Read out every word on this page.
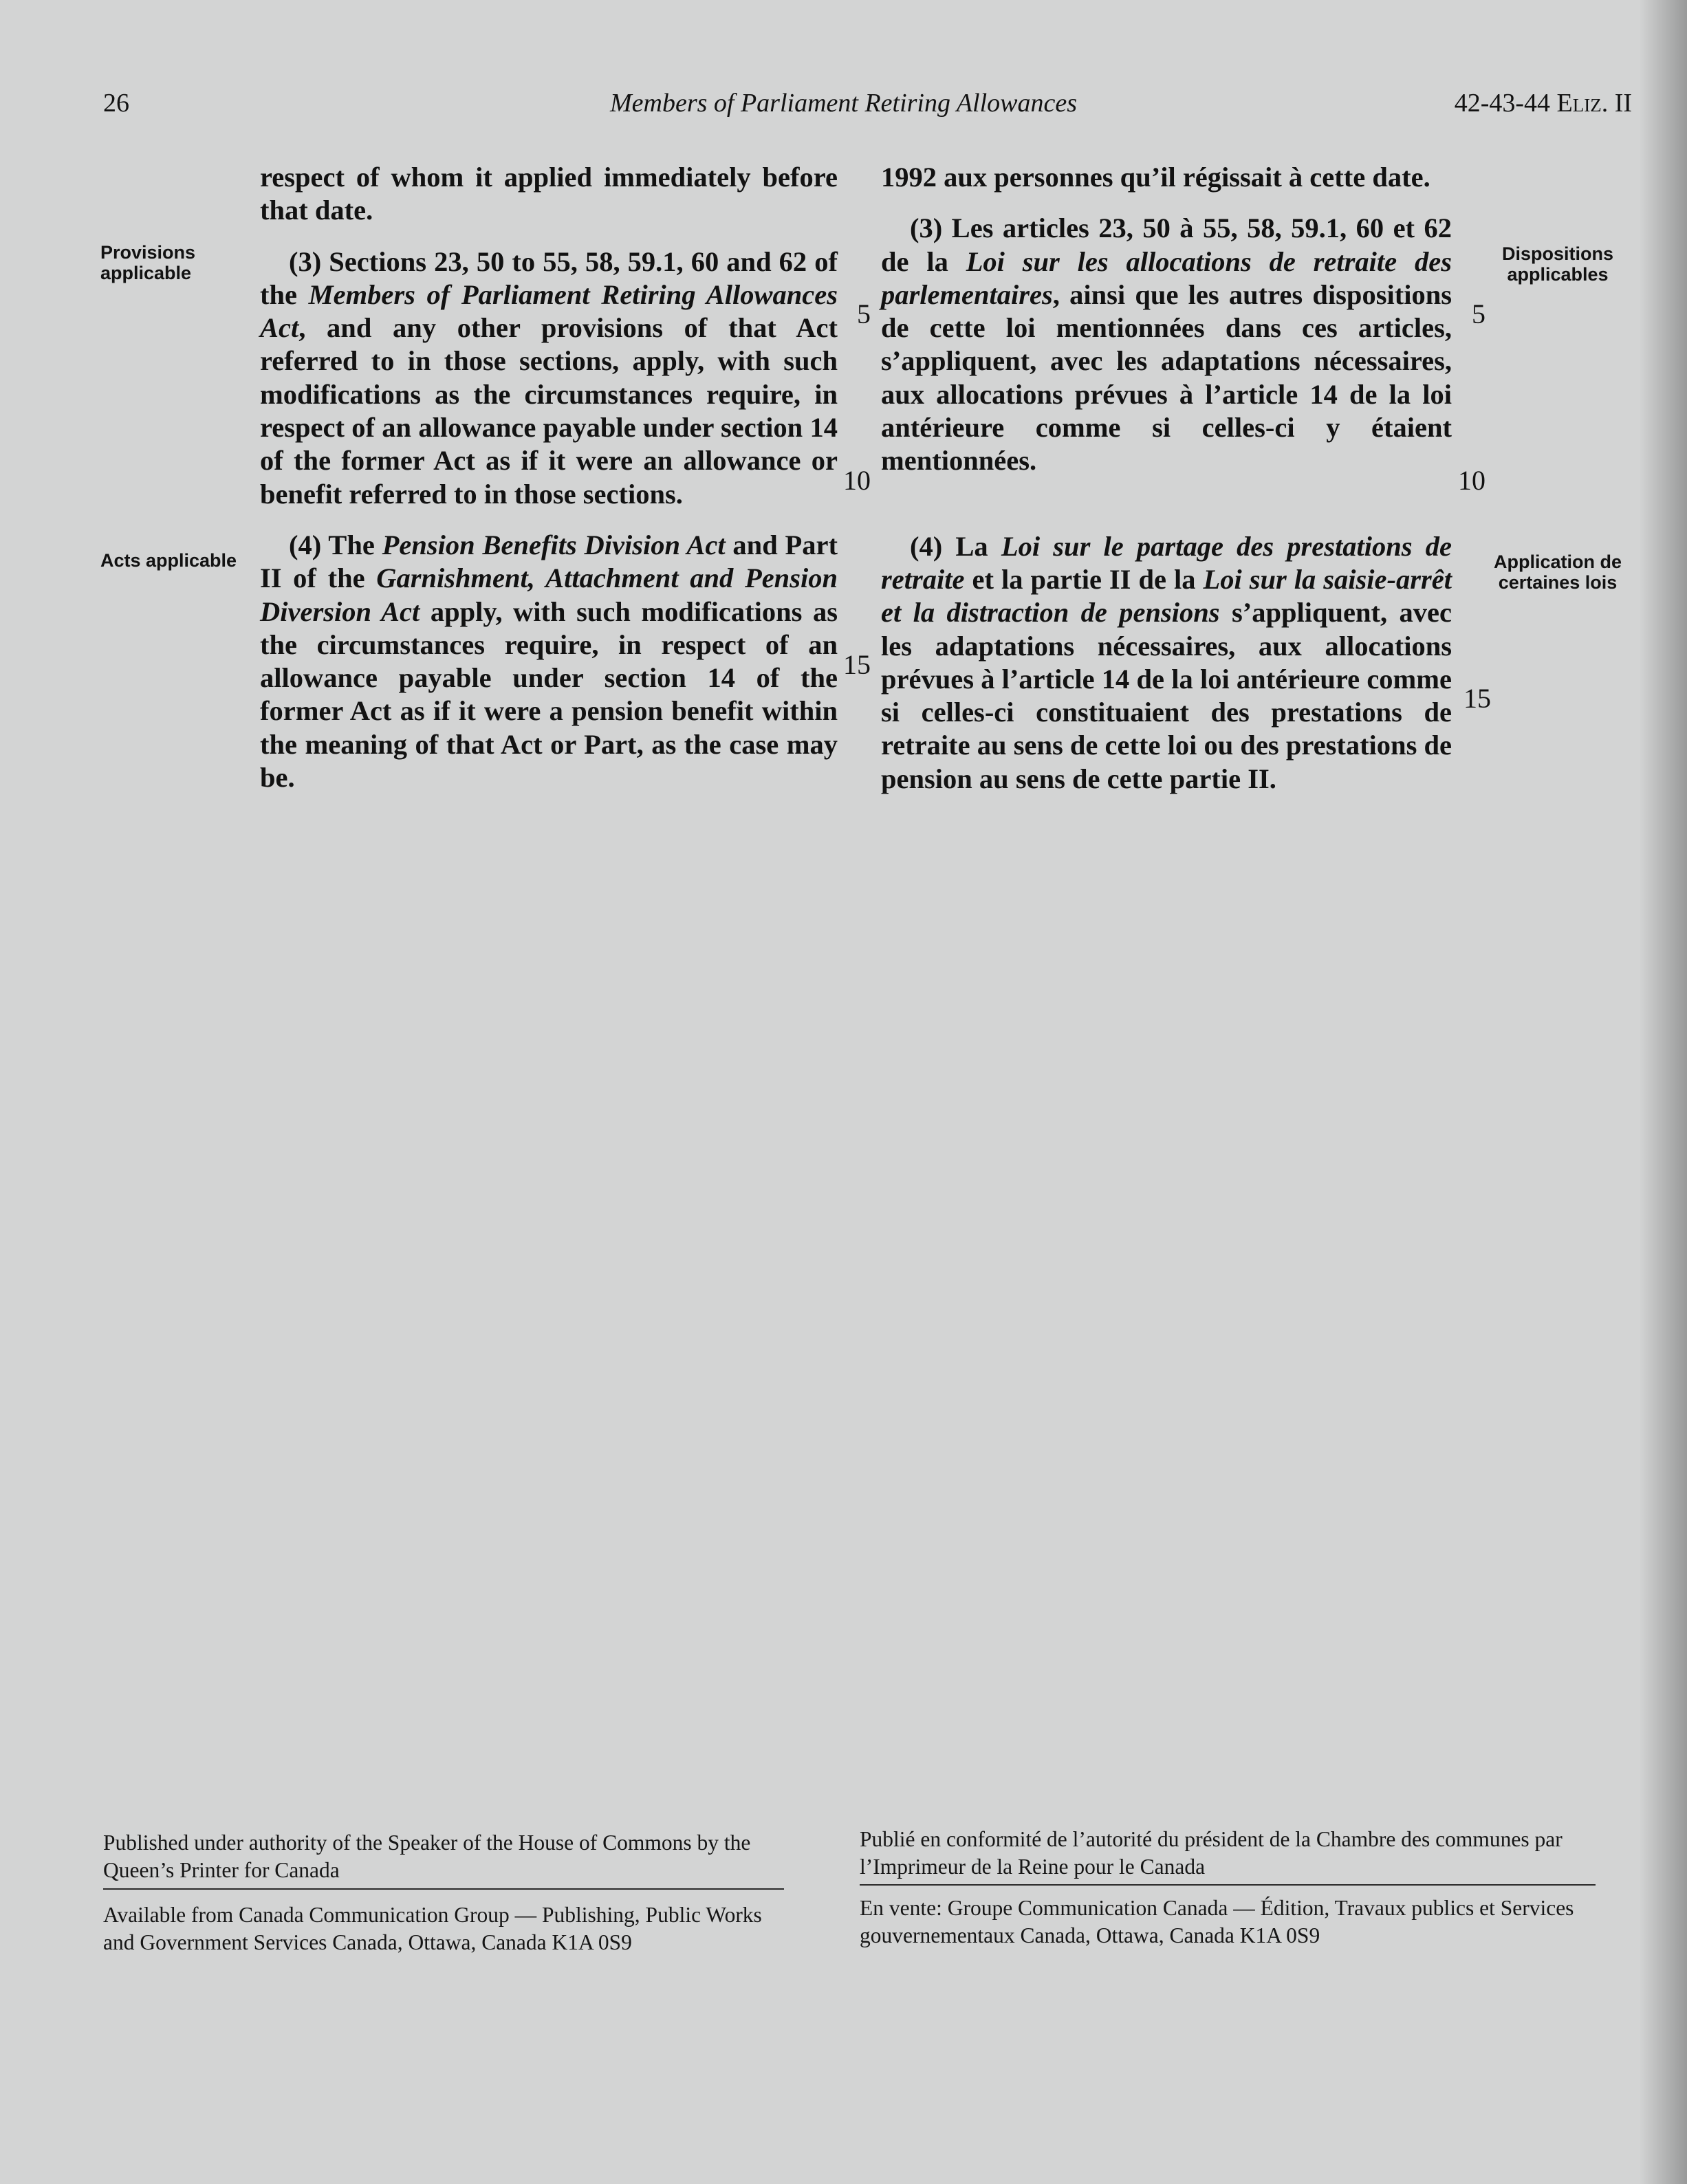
26	Members of Parliament Retiring Allowances	42-43-44 Eliz. II
Provisions applicable
Acts applicable
Dispositions applicables
Application de certaines lois

respect of whom it applied immediately before that date.

(3) Sections 23, 50 to 55, 58, 59.1, 60 and 62 of the Members of Parliament Retiring Allowances Act, and any other provisions of that Act referred to in those sections, apply, with such modifications as the circumstances require, in respect of an allowance payable under section 14 of the former Act as if it were an allowance or benefit referred to in those sections.

(4) The Pension Benefits Division Act and Part II of the Garnishment, Attachment and Pension Diversion Act apply, with such modifications as the circumstances require, in respect of an allowance payable under section 14 of the former Act as if it were a pension benefit within the meaning of that Act or Part, as the case may be.

1992 aux personnes qu’il régissait à cette date.

(3) Les articles 23, 50 à 55, 58, 59.1, 60 et 62 de la Loi sur les allocations de retraite des parlementaires, ainsi que les autres dispositions de cette loi mentionnées dans ces articles, s’appliquent, avec les adaptations nécessaires, aux allocations prévues à l’article 14 de la loi antérieure comme si celles-ci y étaient mentionnées.

(4) La Loi sur le partage des prestations de retraite et la partie II de la Loi sur la saisie-arrêt et la distraction de pensions s’appliquent, avec les adaptations nécessaires, aux allocations prévues à l’article 14 de la loi antérieure comme si celles-ci constituaient des prestations de retraite au sens de cette loi ou des prestations de pension au sens de cette partie II.

5
10
15
5
10
15
Published under authority of the Speaker of the House of Commons by the Queen’s Printer for Canada
Available from Canada Communication Group — Publishing, Public Works and Government Services Canada, Ottawa, Canada K1A 0S9
Publié en conformité de l’autorité du président de la Chambre des communes par l’Imprimeur de la Reine pour le Canada
En vente: Groupe Communication Canada — Édition, Travaux publics et Services gouvernementaux Canada, Ottawa, Canada K1A 0S9
